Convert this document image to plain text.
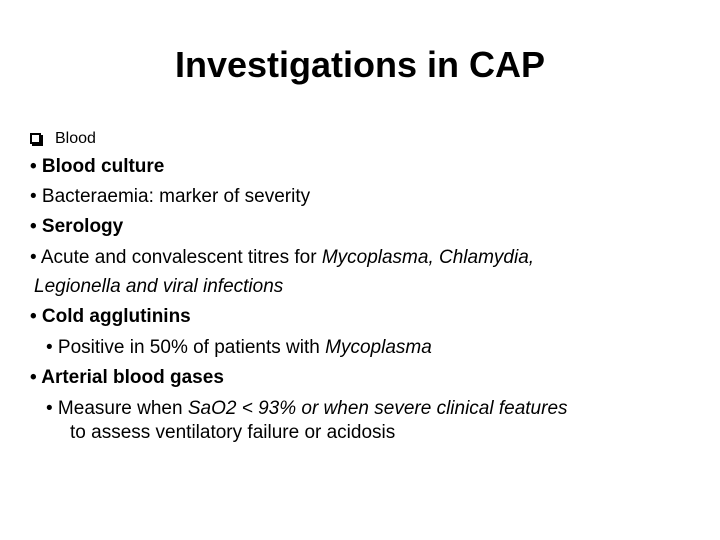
Investigations in CAP
Blood
• Blood culture
• Bacteraemia: marker of severity
• Serology
• Acute and convalescent titres for Mycoplasma, Chlamydia,
Legionella and viral infections
• Cold agglutinins
• Positive in 50% of patients with Mycoplasma
• Arterial blood gases
• Measure when SaO2 < 93% or when severe clinical features
to assess ventilatory failure or acidosis
